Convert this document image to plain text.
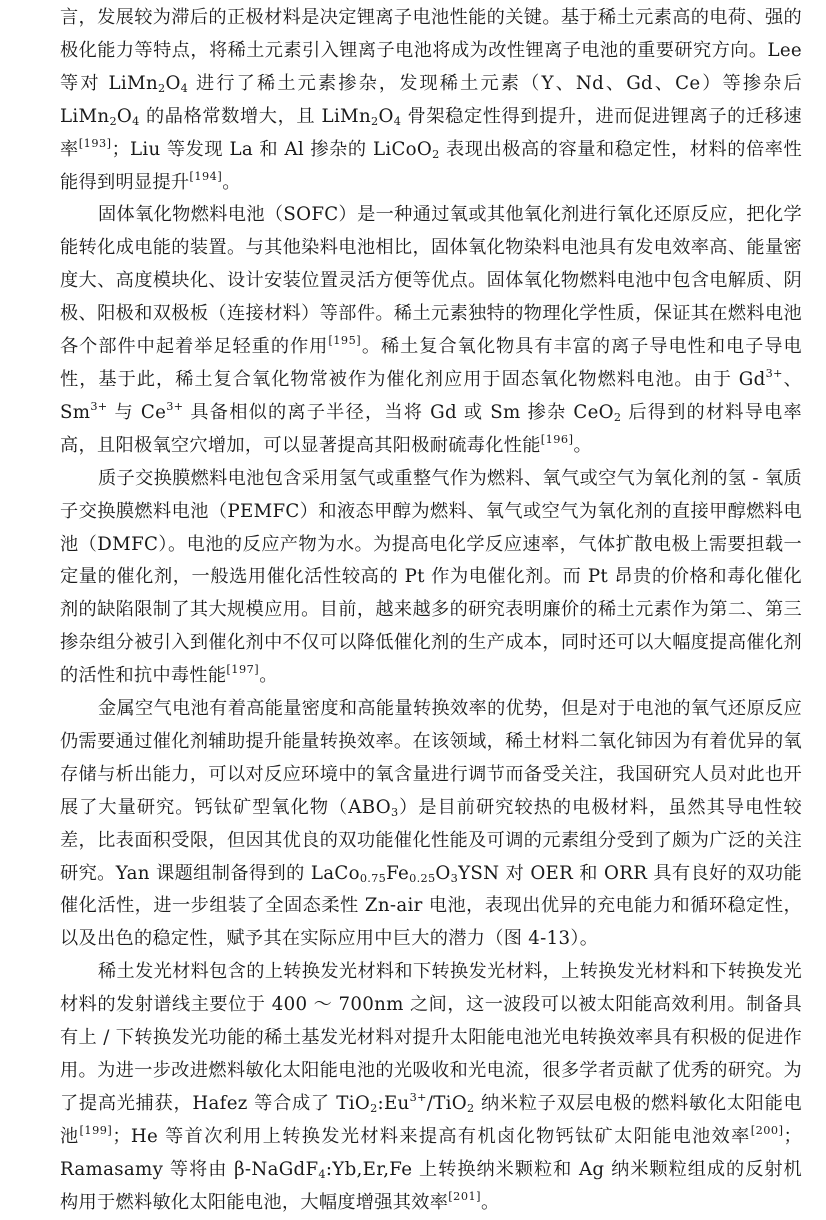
言，发展较为滞后的正极材料是决定锂离子电池性能的关键。基于稀土元素高的电荷、强的极化能力等特点，将稀土元素引入锂离子电池将成为改性锂离子电池的重要研究方向。Lee 等对 $LiMn_2O_4$ 进行了稀土元素掺杂，发现稀土元素（Y、Nd、Gd、Ce）等掺杂后 $LiMn_2O_4$ 的晶格常数增大，且 $LiMn_2O_4$ 骨架稳定性得到提升，进而促进锂离子的迁移速率[193]；Liu 等发现 La 和 Al 掺杂的 LiCoO$_2$ 表现出极高的容量和稳定性，材料的倍率性能得到明显提升[194]。

固体氧化物燃料电池（SOFC）是一种通过氧或其他氧化剂进行氧化还原反应，把化学能转化成电能的装置。与其他染料电池相比，固体氧化物染料电池具有发电效率高、能量密度大、高度模块化、设计安装位置灵活方便等优点。固体氧化物燃料电池中包含电解质、阴极、阳极和双极板（连接材料）等部件。稀土元素独特的物理化学性质，保证其在燃料电池各个部件中起着举足轻重的作用[195]。稀土复合氧化物具有丰富的离子导电性和电子导电性，基于此，稀土复合氧化物常被作为催化剂应用于固态氧化物燃料电池。由于 $Gd^{3+}$、$Sm^{3+}$ 与 $Ce^{3+}$ 具备相似的离子半径，当将 Gd 或 Sm 掺杂 CeO$_2$ 后得到的材料导电率高，且阳极氧空穴增加，可以显著提高其阳极耐硫毒化性能[196]。

质子交换膜燃料电池包含采用氢气或重整气作为燃料、氧气或空气为氧化剂的氢 - 氧质子交换膜燃料电池（PEMFC）和液态甲醇为燃料、氧气或空气为氧化剂的直接甲醇燃料电池（DMFC）。电池的反应产物为水。为提高电化学反应速率，气体扩散电极上需要担载一定量的催化剂，一般选用催化活性较高的 Pt 作为电催化剂。而 Pt 昂贵的价格和毒化催化剂的缺陷限制了其大规模应用。目前，越来越多的研究表明廉价的稀土元素作为第二、第三掺杂组分被引入到催化剂中不仅可以降低催化剂的生产成本，同时还可以大幅度提高催化剂的活性和抗中毒性能[197]。

金属空气电池有着高能量密度和高能量转换效率的优势，但是对于电池的氧气还原反应仍需要通过催化剂辅助提升能量转换效率。在该领域，稀土材料二氧化铈因为有着优异的氧存储与析出能力，可以对反应环境中的氧含量进行调节而备受关注，我国研究人员对此也开展了大量研究。钙钛矿型氧化物$(ABO_3)$是目前研究较热的电极材料，虽然其导电性较差，比表面积受限，但因其优良的双功能催化性能及可调的元素组分受到了颇为广泛的关注研究。Yan 课题组制备得到的 $LaCo_{0.75}Fe_{0.25}O_3YSN$ 对 OER 和 ORR 具有良好的双功能催化活性，进一步组装了全固态柔性 Zn-air 电池，表现出优异的充电能力和循环稳定性，以及出色的稳定性，赋予其在实际应用中巨大的潜力（图 4-13）。

稀土发光材料包含的上转换发光材料和下转换发光材料，上转换发光材料和下转换发光材料的发射谱线主要位于 400 ～ 700nm 之间，这一波段可以被太阳能高效利用。制备具有上 / 下转换发光功能的稀土基发光材料对提升太阳能电池光电转换效率具有积极的促进作用。为进一步改进燃料敏化太阳能电池的光吸收和光电流，很多学者贡献了优秀的研究。为了提高光捕获，Hafez 等合成了 $TiO_2:Eu^{3+}/TiO_2$ 纳米粒子双层电极的燃料敏化太阳能电池[199]；He 等首次利用上转换发光材料来提高有机卤化物钙钛矿太阳能电池效率[200]；Ramasamy 等将由 β-NaGdF$_4$:Yb,Er,Fe 上转换纳米颗粒和 Ag 纳米颗粒组成的反射机构用于燃料敏化太阳能电池，大幅度增强其效率[201]。
